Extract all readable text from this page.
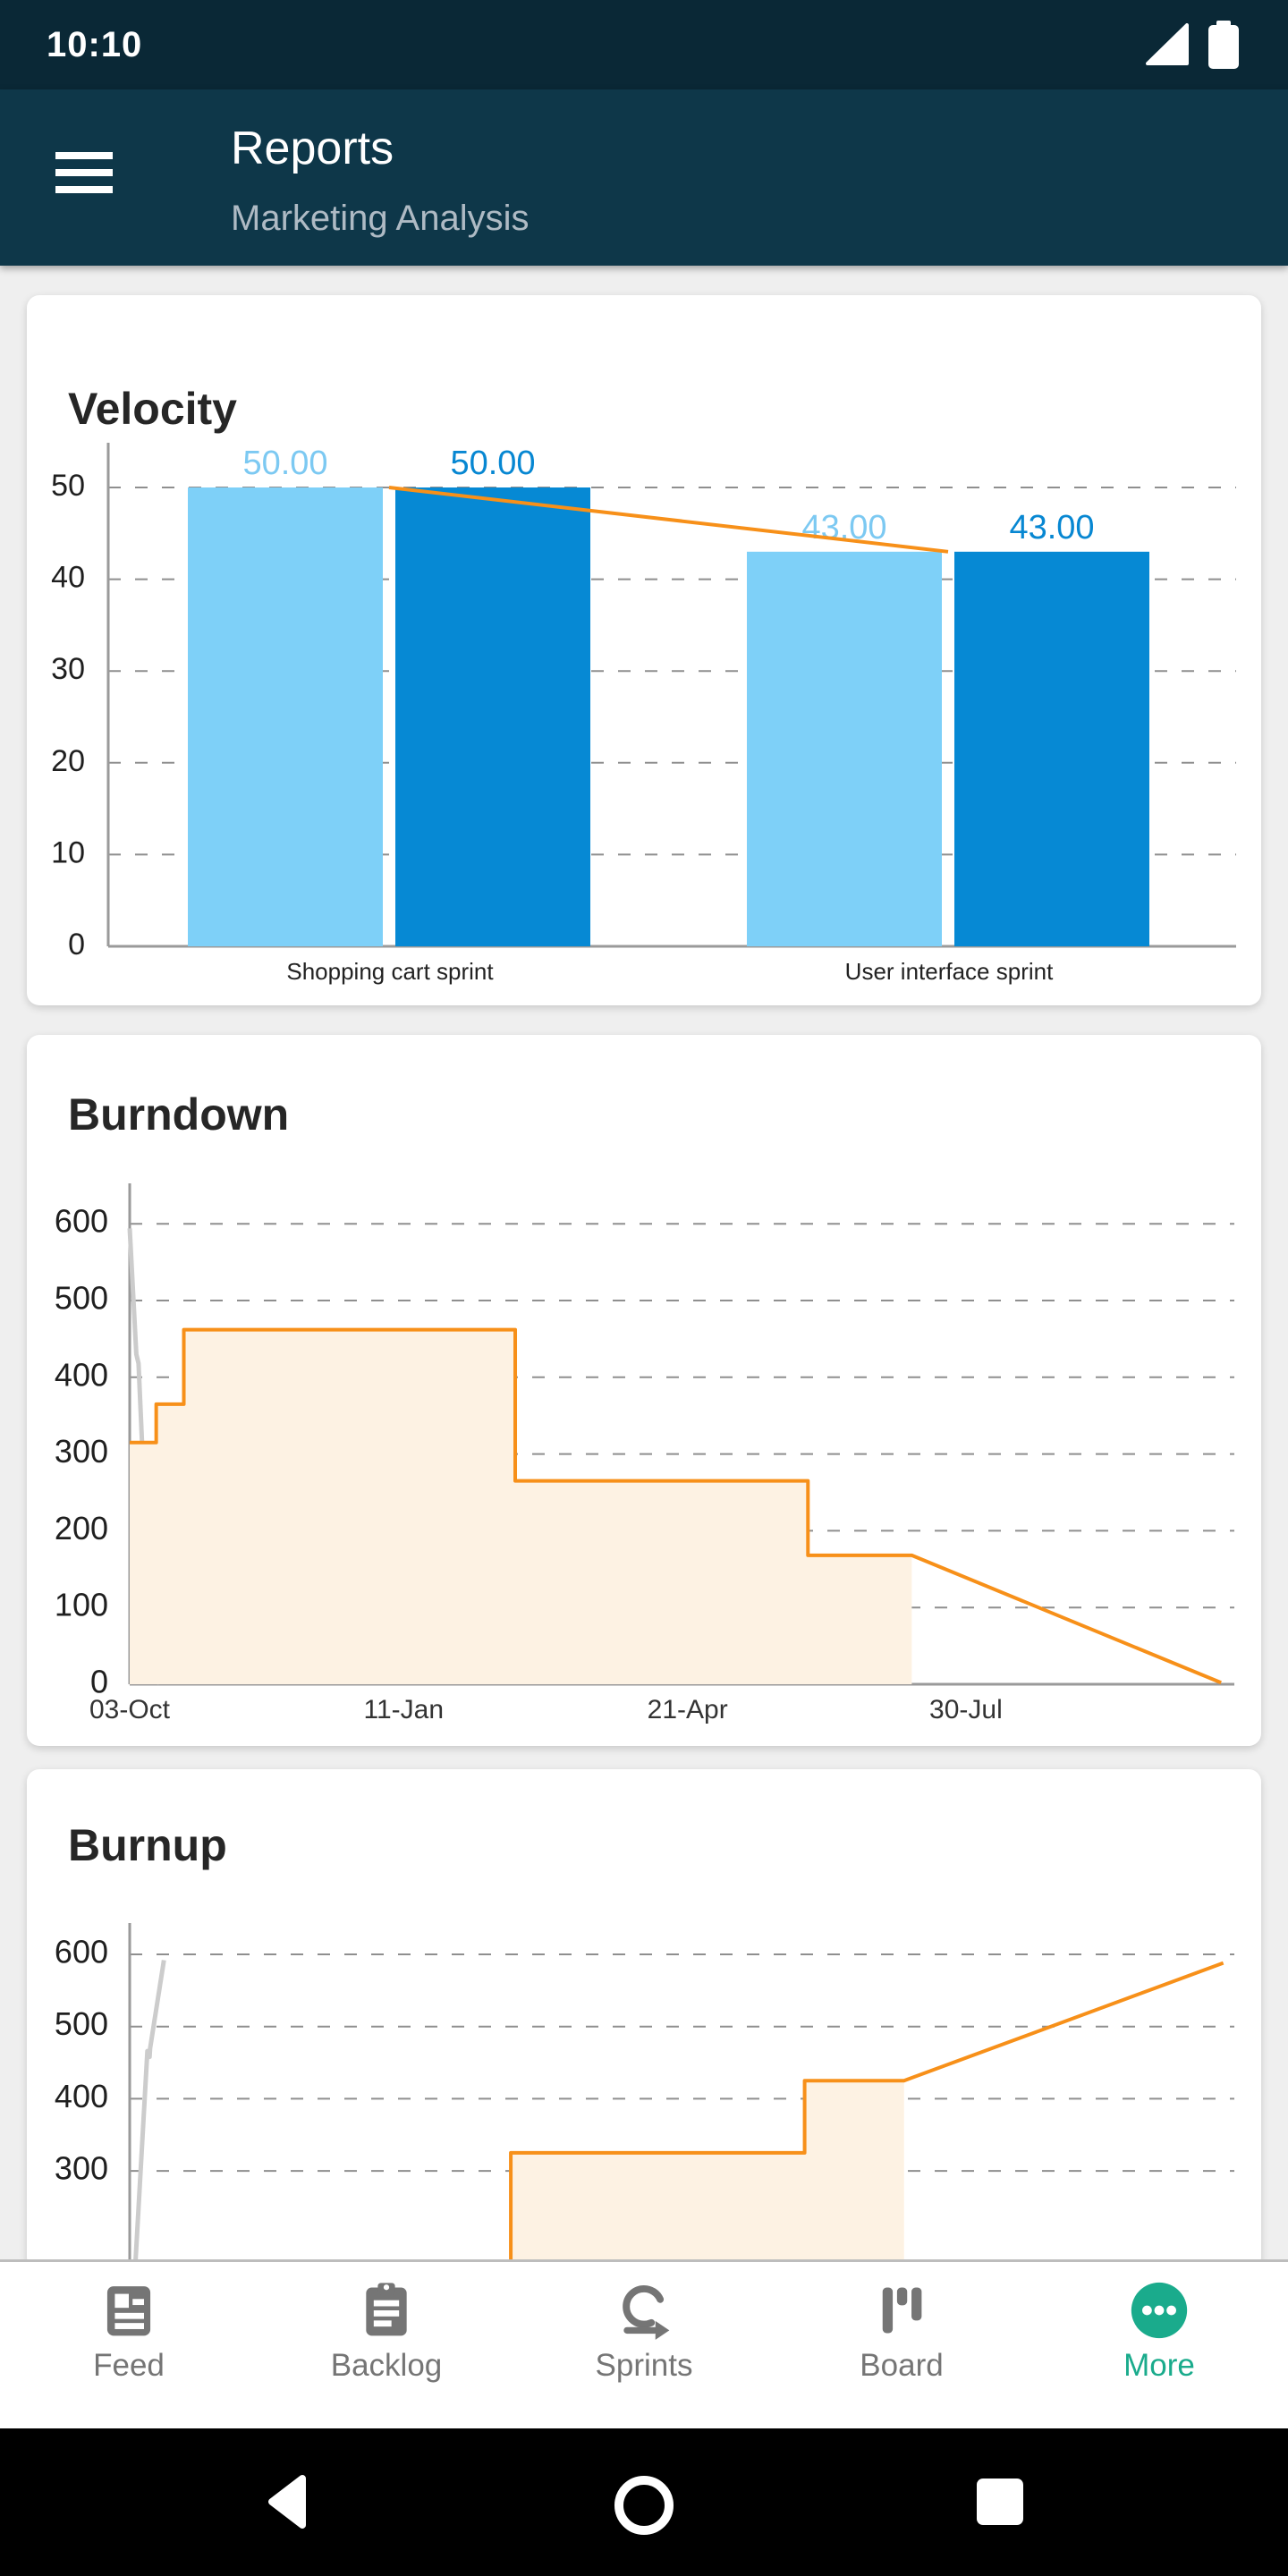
10:10
Reports
Marketing Analysis
Velocity
0
10
20
30
40
50
50.00	50.00
Shopping cart sprint
43.00	43.00
User interface sprint
Burndown
0
100
200
300
400
500
600
03-Oct	11-Jan	21-Apr	30-Jul
Burnup
300
400
500
600
Feed	Backlog	Sprints	Board	More
